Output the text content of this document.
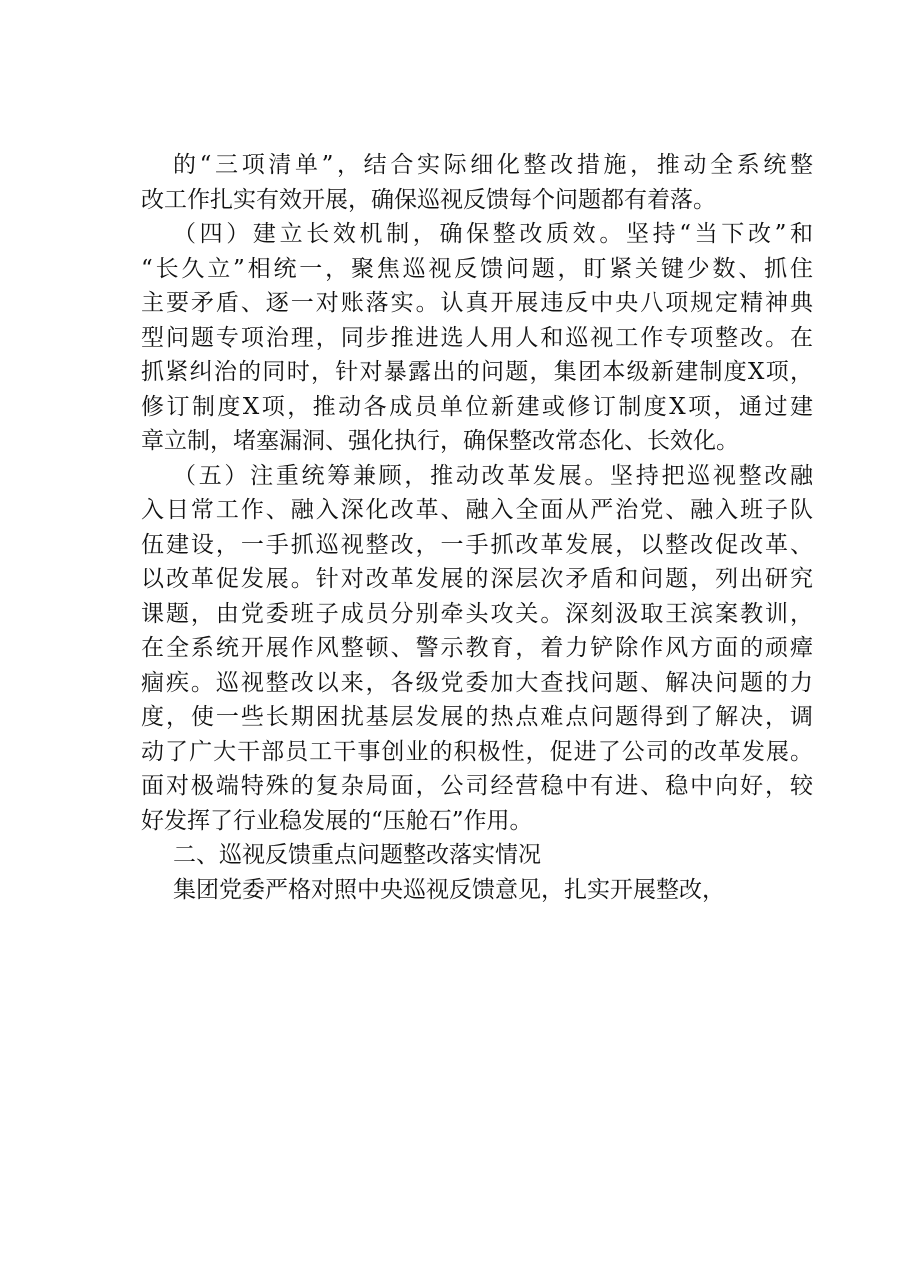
的“三项清单”，结合实际细化整改措施，推动全系统整
改工作扎实有效开展，确保巡视反馈每个问题都有着落。
（四）建立长效机制，确保整改质效。坚持“当下改”和
“长久立”相统一，聚焦巡视反馈问题，盯紧关键少数、抓住
主要矛盾、逐一对账落实。认真开展违反中央八项规定精神典
型问题专项治理，同步推进选人用人和巡视工作专项整改。在
抓紧纠治的同时，针对暴露出的问题，集团本级新建制度X项，
修订制度X项，推动各成员单位新建或修订制度X项，通过建
章立制，堵塞漏洞、强化执行，确保整改常态化、长效化。
（五）注重统筹兼顾，推动改革发展。坚持把巡视整改融
入日常工作、融入深化改革、融入全面从严治党、融入班子队
伍建设，一手抓巡视整改，一手抓改革发展，以整改促改革、
以改革促发展。针对改革发展的深层次矛盾和问题，列出研究
课题，由党委班子成员分别牵头攻关。深刻汲取王滨案教训，
在全系统开展作风整顿、警示教育，着力铲除作风方面的顽瘴
痼疾。巡视整改以来，各级党委加大查找问题、解决问题的力
度，使一些长期困扰基层发展的热点难点问题得到了解决，调
动了广大干部员工干事创业的积极性，促进了公司的改革发展。
面对极端特殊的复杂局面，公司经营稳中有进、稳中向好，较
好发挥了行业稳发展的“压舱石”作用。
二、巡视反馈重点问题整改落实情况
集团党委严格对照中央巡视反馈意见，扎实开展整改，
